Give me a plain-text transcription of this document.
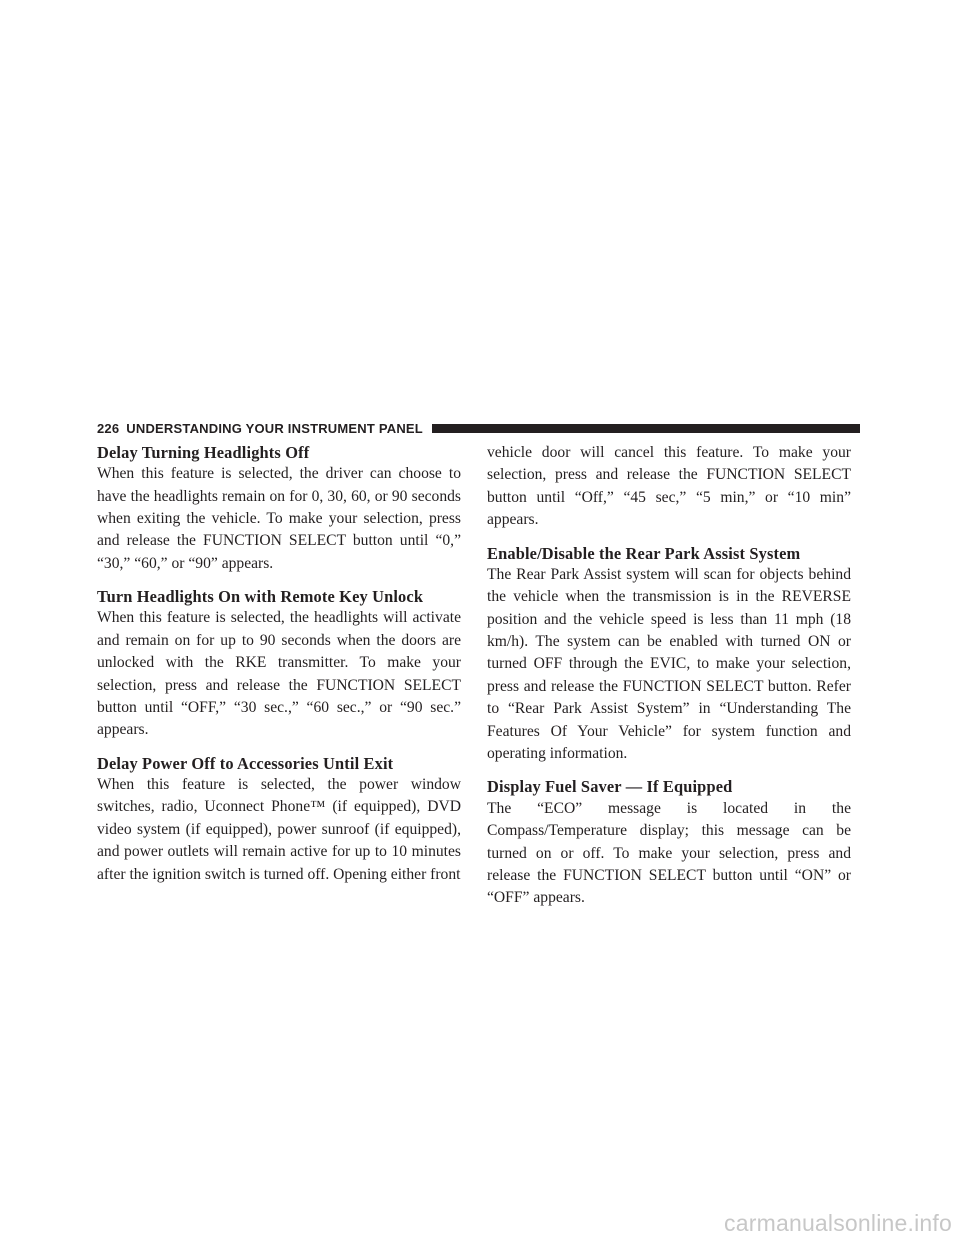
226 UNDERSTANDING YOUR INSTRUMENT PANEL
Delay Turning Headlights Off

When this feature is selected, the driver can choose to have the headlights remain on for 0, 30, 60, or 90 seconds when exiting the vehicle. To make your selection, press and release the FUNCTION SELECT button until “0,” “30,” “60,” or “90” appears.

Turn Headlights On with Remote Key Unlock

When this feature is selected, the headlights will activate and remain on for up to 90 seconds when the doors are unlocked with the RKE transmitter. To make your selection, press and release the FUNCTION SELECT button until “OFF,” “30 sec.,” “60 sec.,” or “90 sec.” appears.

Delay Power Off to Accessories Until Exit

When this feature is selected, the power window switches, radio, Uconnect Phone™ (if equipped), DVD video system (if equipped), power sunroof (if equipped), and power outlets will remain active for up to 10 minutes after the ignition switch is turned off. Opening either front

vehicle door will cancel this feature. To make your selection, press and release the FUNCTION SELECT button until “Off,” “45 sec,” “5 min,” or “10 min” appears.

Enable/Disable the Rear Park Assist System

The Rear Park Assist system will scan for objects behind the vehicle when the transmission is in the REVERSE position and the vehicle speed is less than 11 mph (18 km/h). The system can be enabled with turned ON or turned OFF through the EVIC, to make your selection, press and release the FUNCTION SELECT button. Refer to “Rear Park Assist System” in “Understanding The Features Of Your Vehicle” for system function and operating information.

Display Fuel Saver — If Equipped

The “ECO” message is located in the Compass/Temperature display; this message can be turned on or off. To make your selection, press and release the FUNCTION SELECT button until “ON” or “OFF” appears.

carmanualsonline.info
